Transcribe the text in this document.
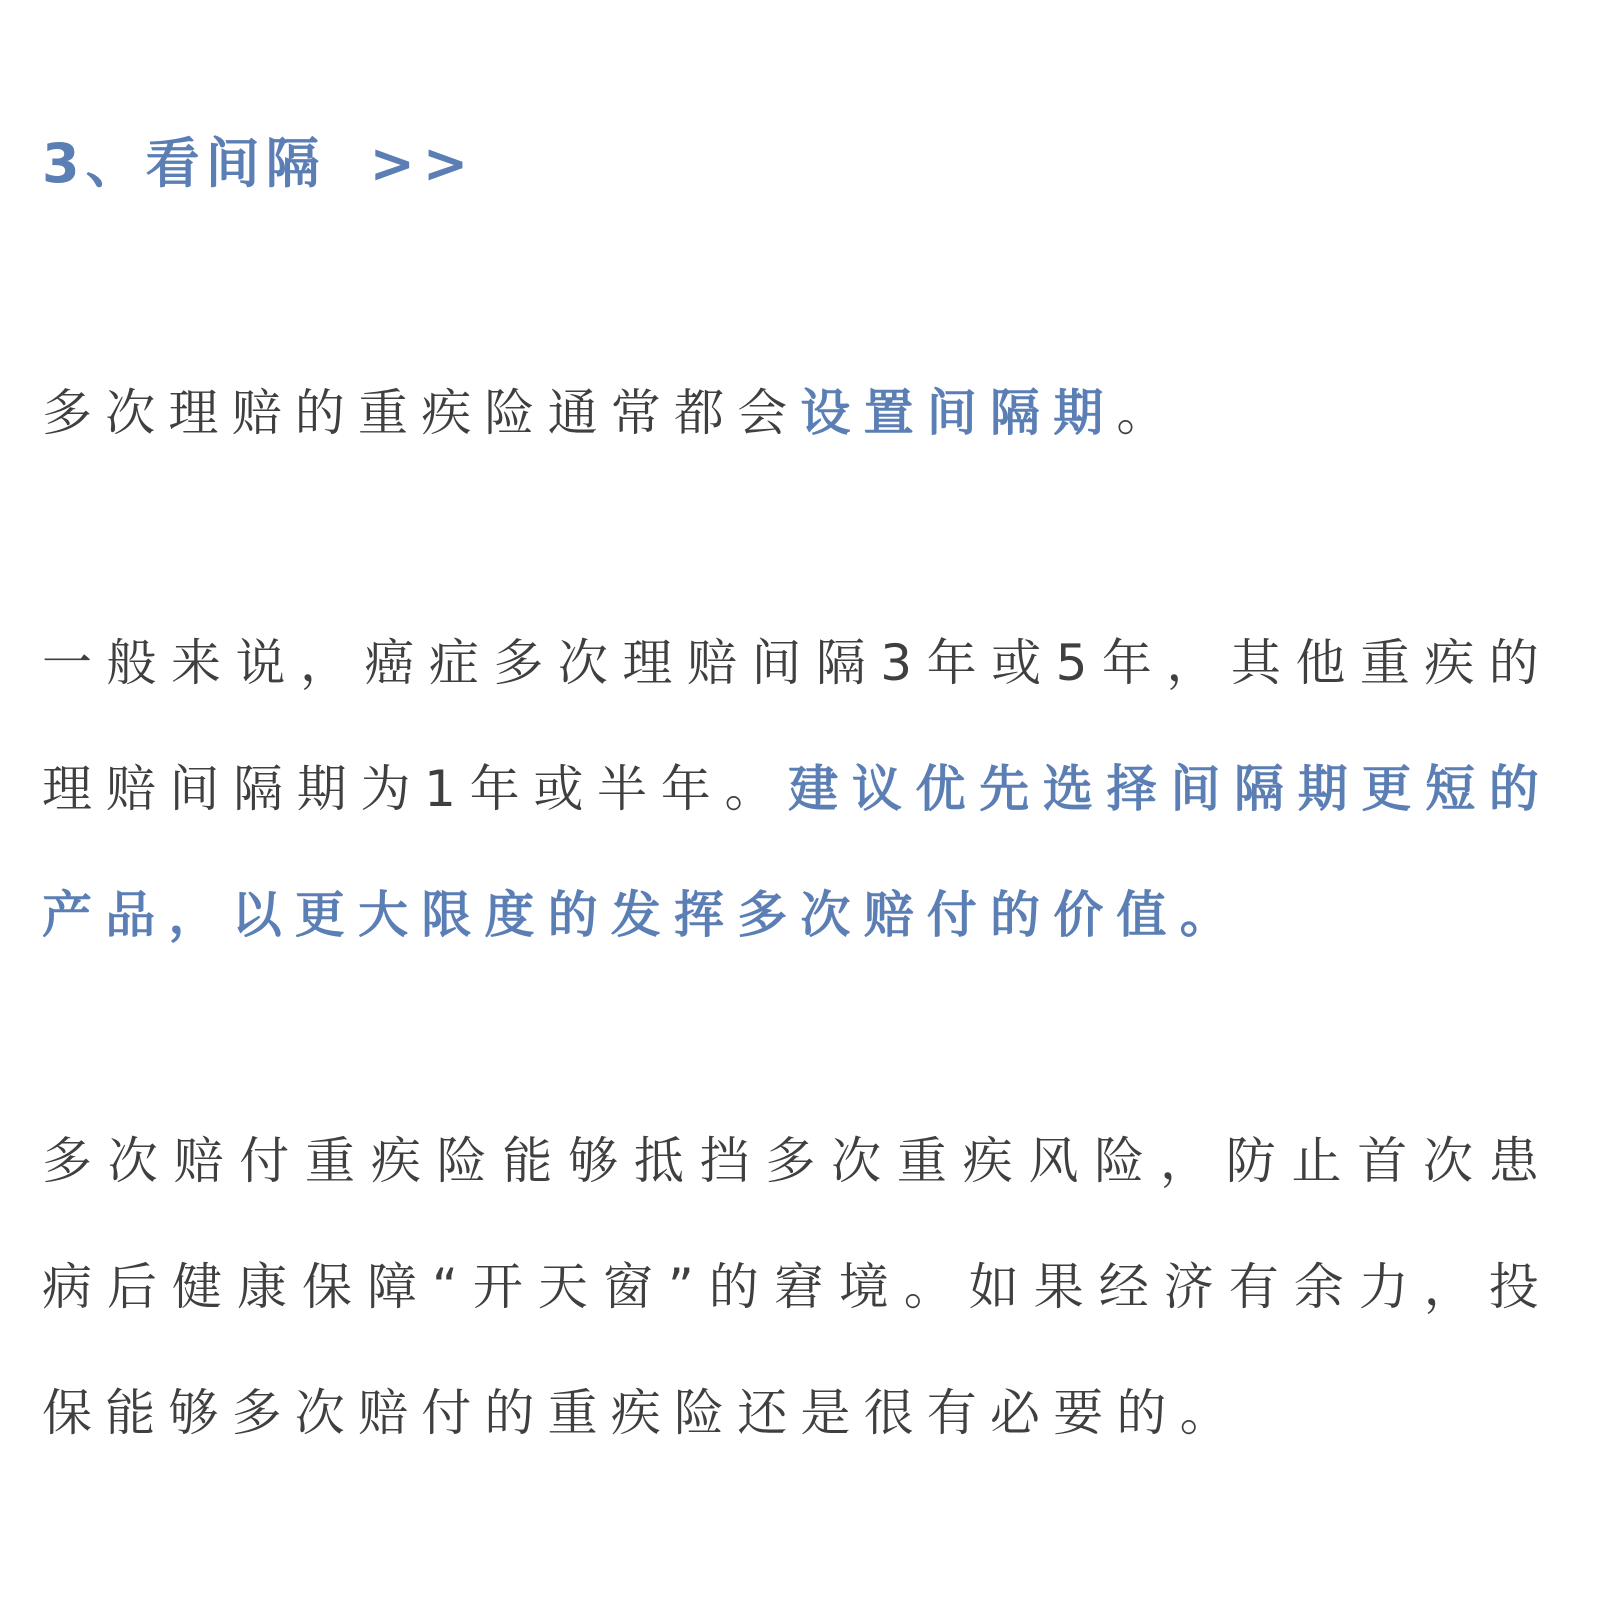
3、看间隔 >>

多次理赔的重疾险通常都会设置间隔期。

一般来说，癌症多次理赔间隔3年或5年，其他重疾的理赔间隔期为1年或半年。建议优先选择间隔期更短的产品，以更大限度的发挥多次赔付的价值。

多次赔付重疾险能够抵挡多次重疾风险，防止首次患病后健康保障“开天窗”的窘境。如果经济有余力，投保能够多次赔付的重疾险还是很有必要的。
